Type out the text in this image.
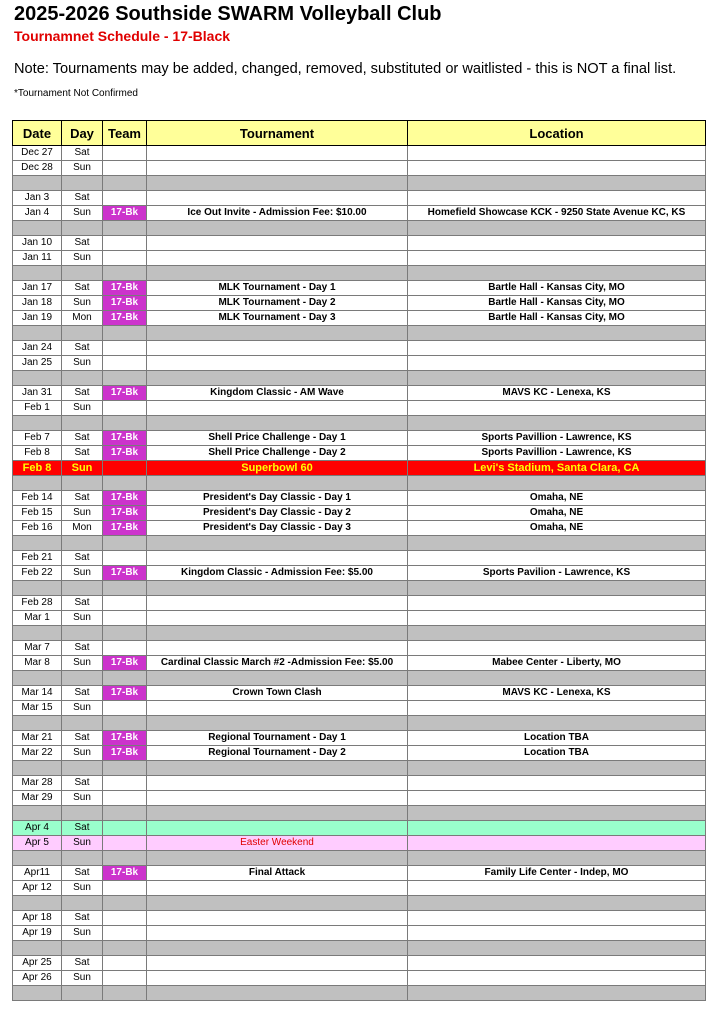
2025-2026 Southside SWARM Volleyball Club
Tournamnet Schedule - 17-Black
Note: Tournaments may be added, changed, removed, substituted or waitlisted - this is NOT a final list.
*Tournament Not Confirmed
Date	Day	Team	Tournament	Location
Dec 27	Sat			
Dec 28	Sun			

Jan 3	Sat			
Jan 4	Sun	17-Bk	Ice Out Invite - Admission Fee: $10.00	Homefield Showcase KCK - 9250 State Avenue KC, KS

Jan 10	Sat			
Jan 11	Sun			

Jan 17	Sat	17-Bk	MLK Tournament - Day 1	Bartle Hall - Kansas City, MO
Jan 18	Sun	17-Bk	MLK Tournament - Day 2	Bartle Hall - Kansas City, MO
Jan 19	Mon	17-Bk	MLK Tournament - Day 3	Bartle Hall - Kansas City, MO

Jan 24	Sat			
Jan 25	Sun			

Jan 31	Sat	17-Bk	Kingdom Classic - AM Wave	MAVS KC - Lenexa, KS
Feb 1	Sun			

Feb 7	Sat	17-Bk	Shell Price Challenge - Day 1	Sports Pavillion - Lawrence, KS
Feb 8	Sat	17-Bk	Shell Price Challenge - Day 2	Sports Pavillion - Lawrence, KS
Feb 8	Sun		Superbowl 60	Levi's Stadium, Santa Clara, CA

Feb 14	Sat	17-Bk	President's Day Classic - Day 1	Omaha, NE
Feb 15	Sun	17-Bk	President's Day Classic - Day 2	Omaha, NE
Feb 16	Mon	17-Bk	President's Day Classic - Day 3	Omaha, NE

Feb 21	Sat			
Feb 22	Sun	17-Bk	Kingdom Classic - Admission Fee: $5.00	Sports Pavilion - Lawrence, KS

Feb 28	Sat			
Mar 1	Sun			

Mar 7	Sat			
Mar 8	Sun	17-Bk	Cardinal Classic March #2 -Admission Fee: $5.00	Mabee Center - Liberty, MO

Mar 14	Sat	17-Bk	Crown Town Clash	MAVS KC - Lenexa, KS
Mar 15	Sun			

Mar 21	Sat	17-Bk	Regional Tournament - Day 1	Location TBA
Mar 22	Sun	17-Bk	Regional Tournament - Day 2	Location TBA

Mar 28	Sat			
Mar 29	Sun			

Apr 4	Sat			
Apr 5	Sun		Easter Weekend	

Apr11	Sat	17-Bk	Final Attack	Family Life Center - Indep, MO
Apr 12	Sun			

Apr 18	Sat			
Apr 19	Sun			

Apr 25	Sat			
Apr 26	Sun			
